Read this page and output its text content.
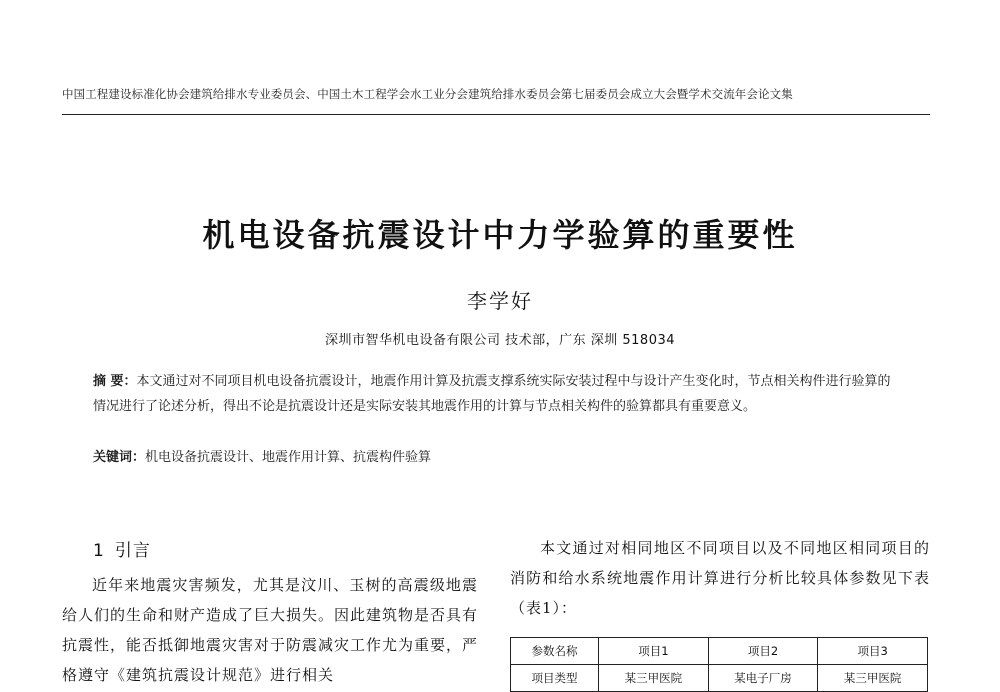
中国工程建设标准化协会建筑给排水专业委员会、中国土木工程学会水工业分会建筑给排水委员会第七届委员会成立大会暨学术交流年会论文集
机电设备抗震设计中力学验算的重要性
李学好
深圳市智华机电设备有限公司 技术部，广东 深圳 518034
摘 要：本文通过对不同项目机电设备抗震设计，地震作用计算及抗震支撑系统实际安装过程中与设计产生变化时，节点相关构件进行验算的情况进行了论述分析，得出不论是抗震设计还是实际安装其地震作用的计算与节点相关构件的验算都具有重要意义。
关键词：机电设备抗震设计、地震作用计算、抗震构件验算
1 引言
近年来地震灾害频发，尤其是汶川、玉树的高震级地震给人们的生命和财产造成了巨大损失。因此建筑物是否具有抗震性，能否抵御地震灾害对于防震减灾工作尤为重要，严格遵守《建筑抗震设计规范》进行相关
本文通过对相同地区不同项目以及不同地区相同项目的消防和给水系统地震作用计算进行分析比较具体参数见下表（表1）：
参数名称	项目1	项目2	项目3
项目类型	某三甲医院	某电子厂房	某三甲医院
